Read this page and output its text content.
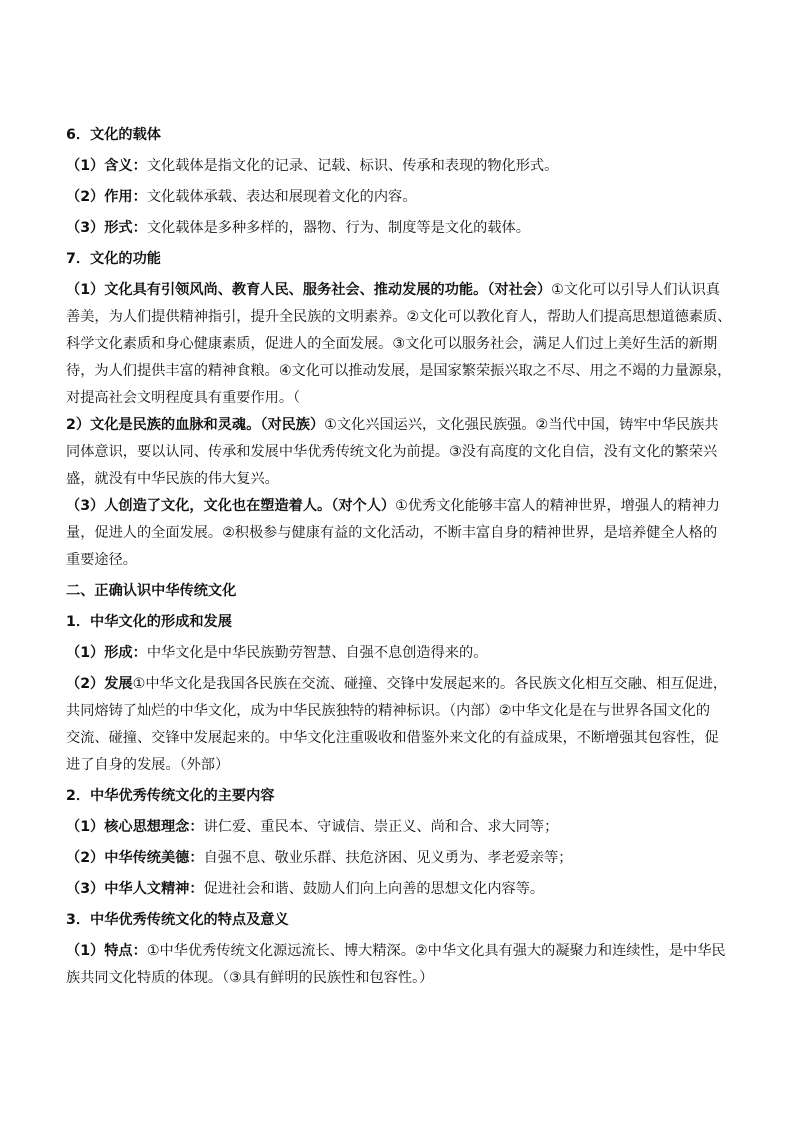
6．文化的载体

（1）含义：文化载体是指文化的记录、记载、标识、传承和表现的物化形式。

（2）作用：文化载体承载、表达和展现着文化的内容。

（3）形式：文化载体是多种多样的，器物、行为、制度等是文化的载体。

7．文化的功能

（1）文化具有引领风尚、教育人民、服务社会、推动发展的功能。（对社会）①文化可以引导人们认识真

善美，为人们提供精神指引，提升全民族的文明素养。②文化可以教化育人，帮助人们提高思想道德素质、

科学文化素质和身心健康素质，促进人的全面发展。③文化可以服务社会，满足人们过上美好生活的新期

待，为人们提供丰富的精神食粮。④文化可以推动发展，是国家繁荣振兴取之不尽、用之不竭的力量源泉，

对提高社会文明程度具有重要作用。（

2）文化是民族的血脉和灵魂。（对民族）①文化兴国运兴，文化强民族强。②当代中国，铸牢中华民族共

同体意识，要以认同、传承和发展中华优秀传统文化为前提。③没有高度的文化自信，没有文化的繁荣兴

盛，就没有中华民族的伟大复兴。

（3）人创造了文化，文化也在塑造着人。（对个人）①优秀文化能够丰富人的精神世界，增强人的精神力

量，促进人的全面发展。②积极参与健康有益的文化活动，不断丰富自身的精神世界，是培养健全人格的

重要途径。

二、正确认识中华传统文化

1．中华文化的形成和发展

（1）形成：中华文化是中华民族勤劳智慧、自强不息创造得来的。

（2）发展①中华文化是我国各民族在交流、碰撞、交锋中发展起来的。各民族文化相互交融、相互促进，

共同熔铸了灿烂的中华文化，成为中华民族独特的精神标识。（内部）②中华文化是在与世界各国文化的

交流、碰撞、交锋中发展起来的。中华文化注重吸收和借鉴外来文化的有益成果，不断增强其包容性，促

进了自身的发展。（外部）

2．中华优秀传统文化的主要内容

（1）核心思想理念：讲仁爱、重民本、守诚信、崇正义、尚和合、求大同等；

（2）中华传统美德：自强不息、敬业乐群、扶危济困、见义勇为、孝老爱亲等；

（3）中华人文精神：促进社会和谐、鼓励人们向上向善的思想文化内容等。

3．中华优秀传统文化的特点及意义

（1）特点：①中华优秀传统文化源远流长、博大精深。②中华文化具有强大的凝聚力和连续性，是中华民

族共同文化特质的体现。（③具有鲜明的民族性和包容性。）
